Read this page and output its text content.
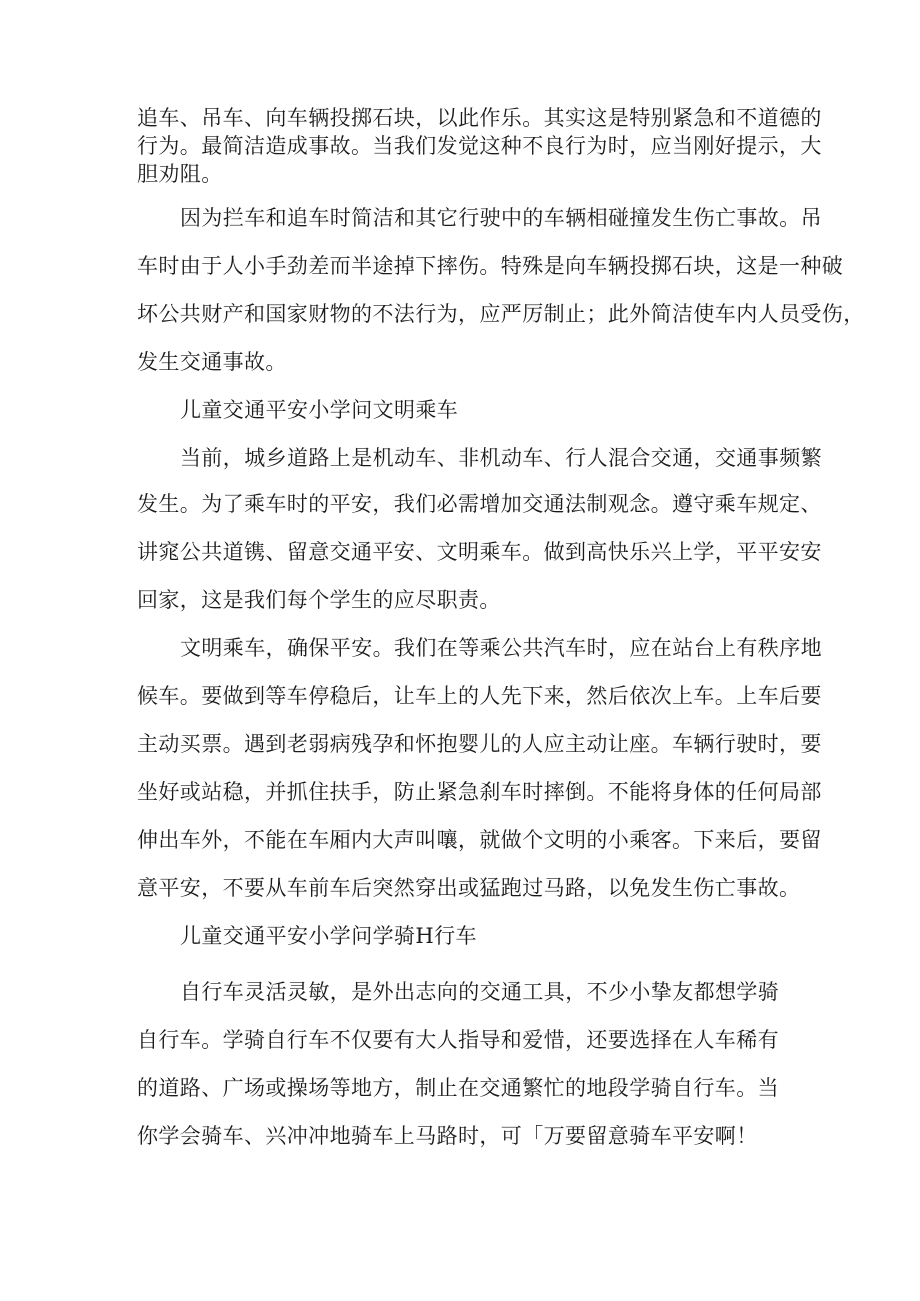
追车、吊车、向车辆投掷石块，以此作乐。其实这是特别紧急和不道德的
行为。最简洁造成事故。当我们发觉这种不良行为时，应当刚好提示，大
胆劝阻。
因为拦车和追车时简洁和其它行驶中的车辆相碰撞发生伤亡事故。吊
车时由于人小手劲差而半途掉下摔伤。特殊是向车辆投掷石块，这是一种破
坏公共财产和国家财物的不法行为，应严厉制止；此外简洁使车内人员受伤，
发生交通事故。
儿童交通平安小学问文明乘车
当前，城乡道路上是机动车、非机动车、行人混合交通，交通事频繁
发生。为了乘车时的平安，我们必需增加交通法制观念。遵守乘车规定、
讲窕公共道镌、留意交通平安、文明乘车。做到高快乐兴上学，平平安安
回家，这是我们每个学生的应尽职责。
文明乘车，确保平安。我们在等乘公共汽车时，应在站台上有秩序地
候车。要做到等车停稳后，让车上的人先下来，然后依次上车。上车后要
主动买票。遇到老弱病残孕和怀抱婴儿的人应主动让座。车辆行驶时，要
坐好或站稳，并抓住扶手，防止紧急刹车时摔倒。不能将身体的任何局部
伸出车外，不能在车厢内大声叫嚷，就做个文明的小乘客。下来后，要留
意平安，不要从车前车后突然穿出或猛跑过马路，以免发生伤亡事故。
儿童交通平安小学问学骑H行车
自行车灵活灵敏，是外出志向的交通工具，不少小挚友都想学骑
自行车。学骑自行车不仅要有大人指导和爱惜，还要选择在人车稀有
的道路、广场或操场等地方，制止在交通繁忙的地段学骑自行车。当
你学会骑车、兴冲冲地骑车上马路时，可「万要留意骑车平安啊！
